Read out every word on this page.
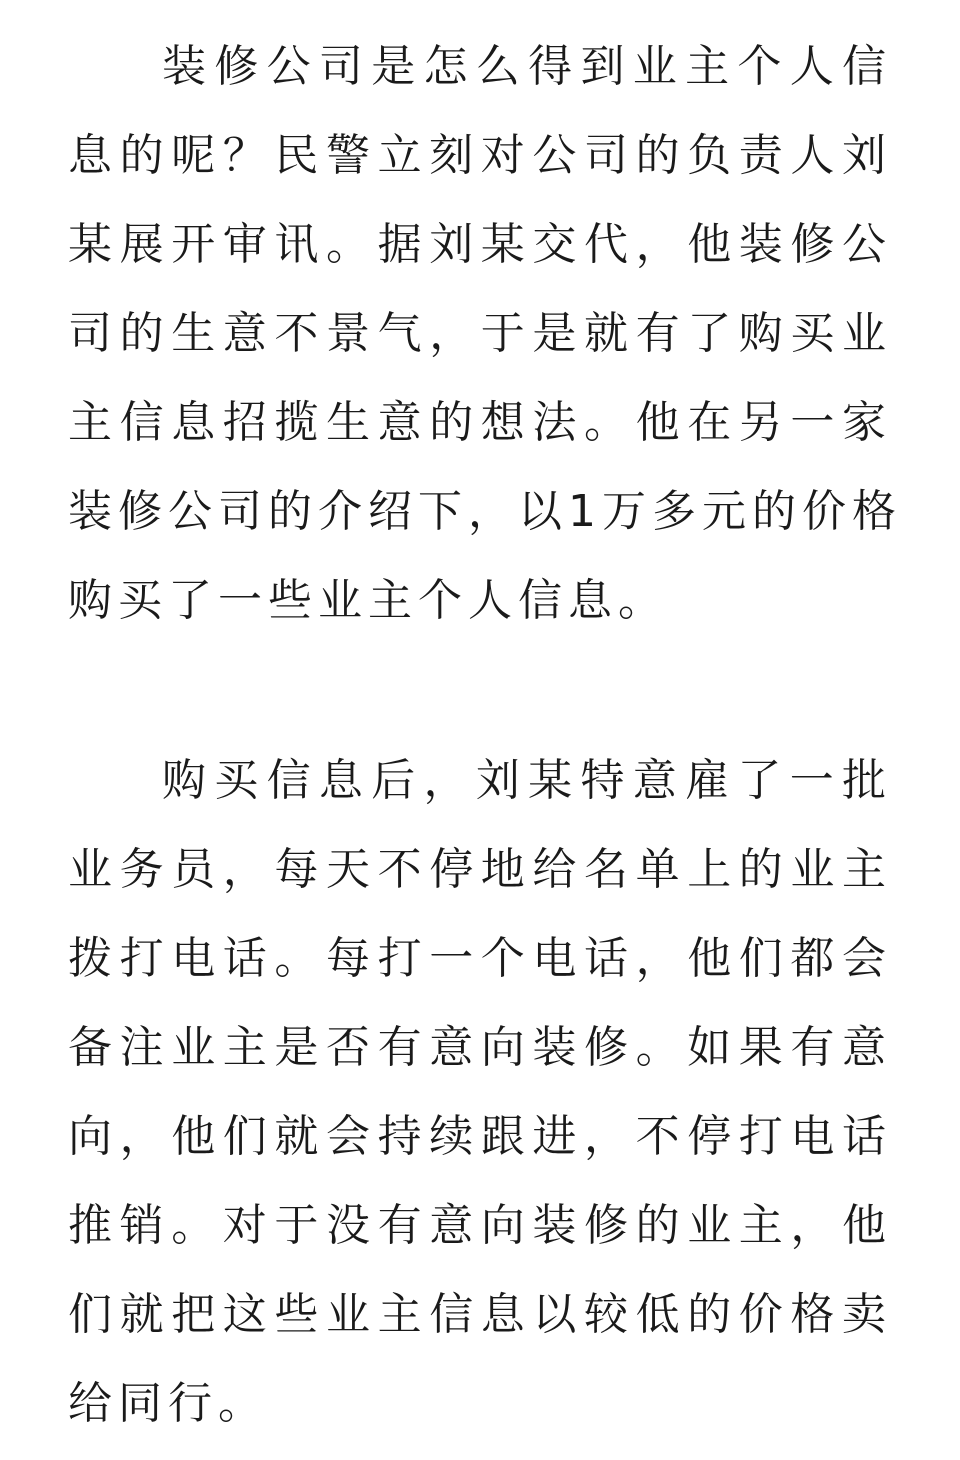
装修公司是怎么得到业主个人信
息的呢？民警立刻对公司的负责人刘
某展开审讯。据刘某交代，他装修公
司的生意不景气，于是就有了购买业
主信息招揽生意的想法。他在另一家
装修公司的介绍下，以1万多元的价格
购买了一些业主个人信息。
购买信息后，刘某特意雇了一批
业务员，每天不停地给名单上的业主
拨打电话。每打一个电话，他们都会
备注业主是否有意向装修。如果有意
向，他们就会持续跟进，不停打电话
推销。对于没有意向装修的业主，他
们就把这些业主信息以较低的价格卖
给同行。
